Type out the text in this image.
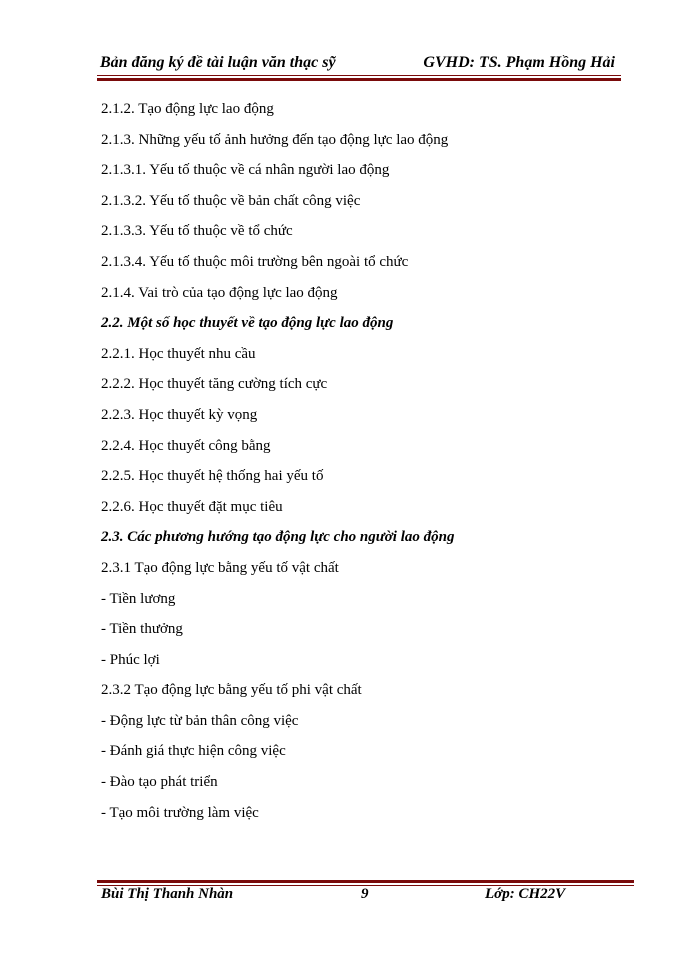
Bản đăng ký đề tài luận văn thạc sỹ	GVHD: TS. Phạm Hồng Hải
2.1.2. Tạo động lực lao động
2.1.3. Những yếu tố ảnh hưởng đến tạo động lực lao động
2.1.3.1. Yếu tố thuộc về cá nhân người lao động
2.1.3.2. Yếu tố thuộc về bản chất công việc
2.1.3.3. Yếu tố thuộc về tổ chức
2.1.3.4. Yếu tố thuộc môi trường bên ngoài tổ chức
2.1.4. Vai trò của tạo động lực lao động
2.2. Một số học thuyết về tạo động lực lao động
2.2.1. Học thuyết nhu cầu
2.2.2. Học thuyết tăng cường tích cực
2.2.3. Học thuyết kỳ vọng
2.2.4. Học thuyết công bằng
2.2.5. Học thuyết hệ thống hai yếu tố
2.2.6. Học thuyết đặt mục tiêu
2.3. Các phương hướng tạo động lực cho người lao động
2.3.1 Tạo động lực bằng yếu tố vật chất
- Tiền lương
- Tiền thưởng
- Phúc lợi
2.3.2 Tạo động lực bằng yếu tố phi vật chất
- Động lực từ bản thân công việc
- Đánh giá thực hiện công việc
- Đào tạo phát triển
- Tạo môi trường làm việc
Bùi Thị Thanh Nhàn	9	Lớp: CH22V
